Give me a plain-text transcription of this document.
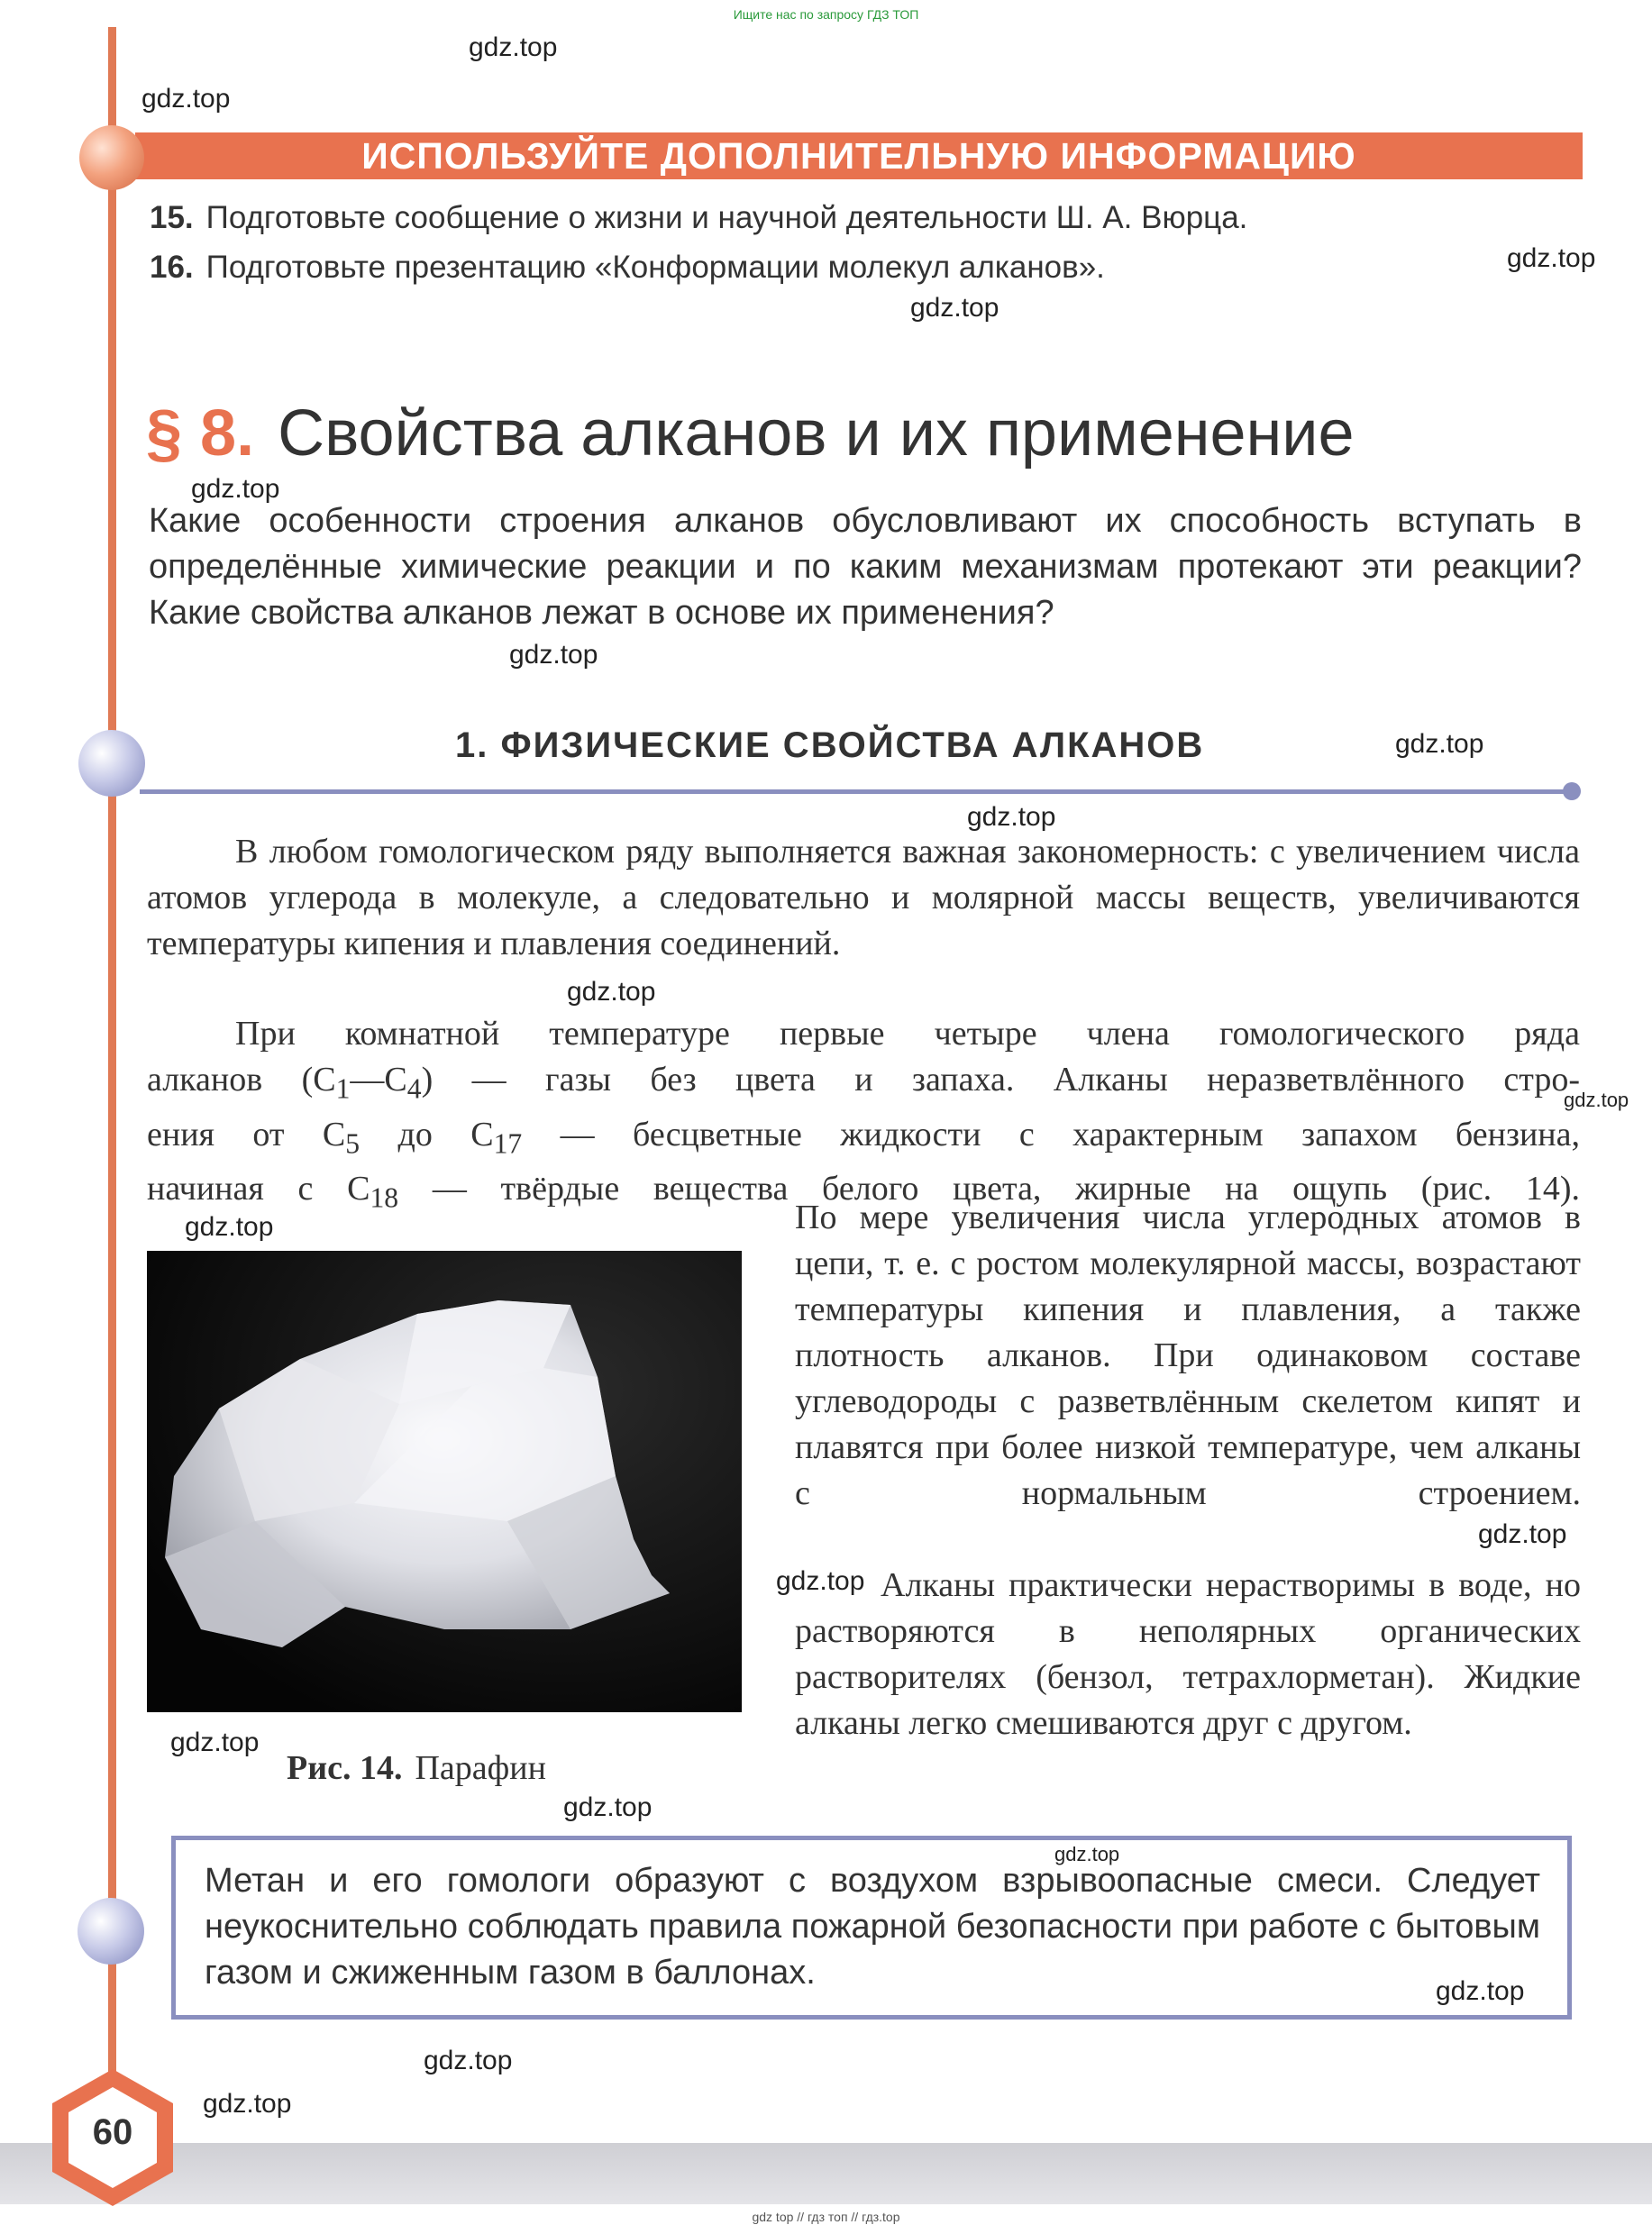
Ищите нас по запросу ГДЗ ТОП
ИСПОЛЬЗУЙТЕ ДОПОЛНИТЕЛЬНУЮ ИНФОРМАЦИЮ
15. Подготовьте сообщение о жизни и научной деятельности Ш. А. Вюрца.
16. Подготовьте презентацию «Конформации молекул алканов».
§ 8. Свойства алканов и их применение
Какие особенности строения алканов обусловливают их способность вступать в определённые химические реакции и по каким механизмам протекают эти реакции? Какие свойства алканов лежат в основе их применения?
1. ФИЗИЧЕСКИЕ СВОЙСТВА АЛКАНОВ
В любом гомологическом ряду выполняется важная закономерность: с увеличением числа атомов углерода в молекуле, а следовательно и молярной массы веществ, увеличиваются температуры кипения и плавления соединений.
При комнатной температуре первые четыре члена гомологического ряда
алканов $(C_1—C_4)$ — газы без цвета и запаха. Алканы неразветвлённого стро-
ения от $C_5$ до $C_{17}$ — бесцветные жидкости с характерным запахом бензина,
начиная с $C_{18}$ — твёрдые вещества белого цвета, жирные на ощупь (рис. 14).
Рис. 14. Парафин
По мере увеличения числа углеродных атомов в цепи, т. е. с ростом молекулярной массы, возрастают температуры кипения и плавления, а также плотность алканов. При одинаковом составе углеводороды с разветвлённым скелетом кипят и плавятся при более низкой температуре, чем алканы с нормальным строением.
Алканы практически нерастворимы в воде, но растворяются в неполярных органических растворителях (бензол, тетрахлорметан). Жидкие алканы легко смешиваются друг с другом.
Метан и его гомологи образуют с воздухом взрывоопасные смеси. Следует неукоснительно соблюдать правила пожарной безопасности при работе с бытовым газом и сжиженным газом в баллонах.
60
gdz.top
gdz.top
gdz.top
gdz.top
gdz.top
gdz.top
gdz.top
gdz.top
gdz.top
gdz.top
gdz.top
gdz.top
gdz.top
gdz.top
gdz.top
gdz.top
gdz.top
gdz.top
gdz.top
gdz top // гдз топ // гдз.top
